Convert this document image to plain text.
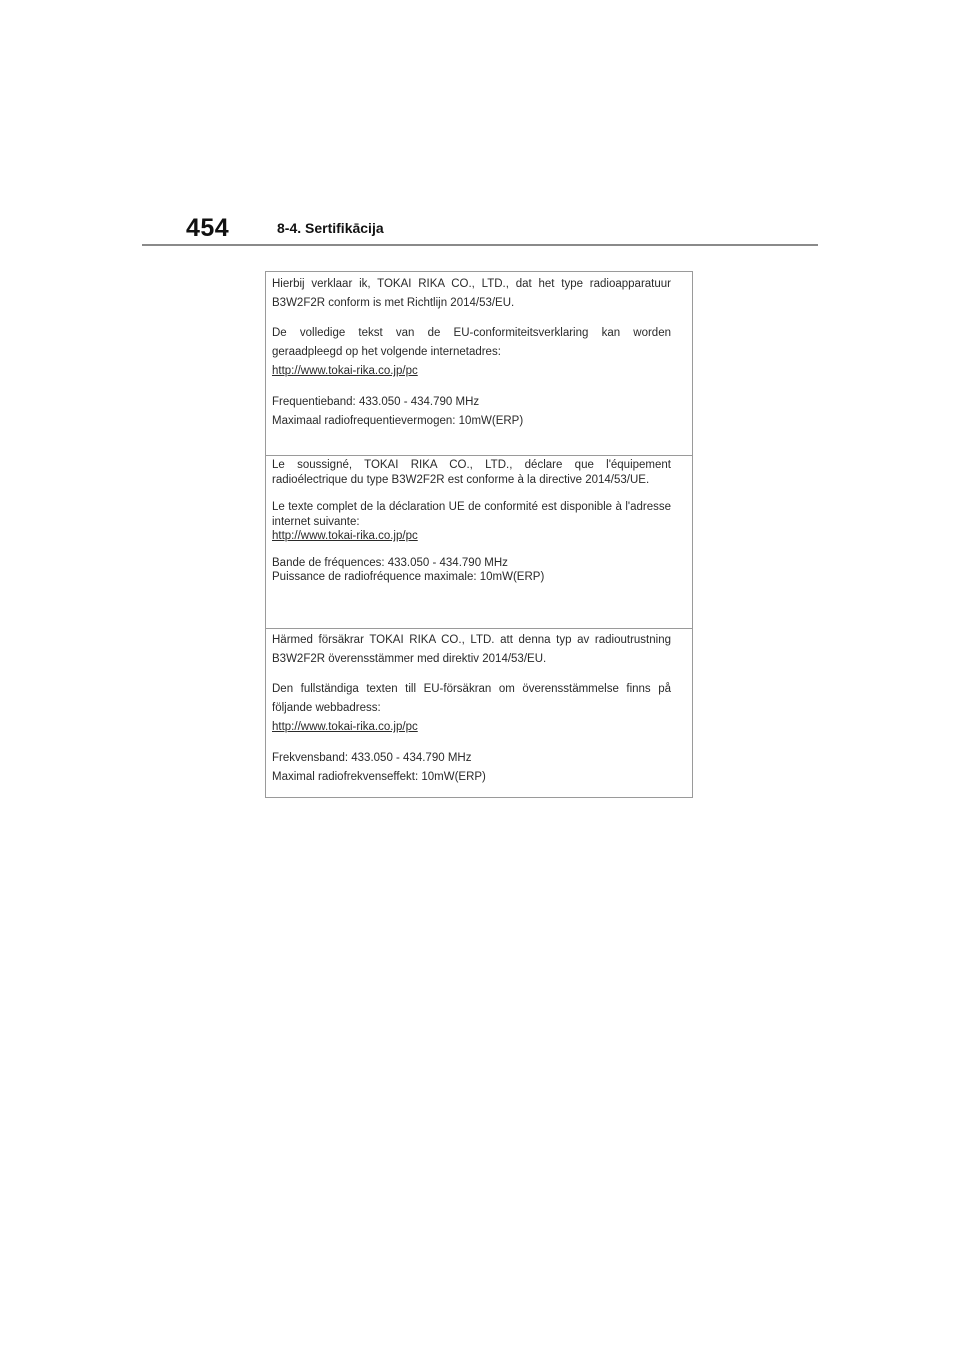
454	8-4. Sertifikācija

Hierbij verklaar ik, TOKAI RIKA CO., LTD., dat het type radioapparatuur B3W2F2R conform is met Richtlijn 2014/53/EU.

De volledige tekst van de EU-conformiteitsverklaring kan worden geraadpleegd op het volgende internetadres:
http://www.tokai-rika.co.jp/pc

Frequentieband: 433.050 - 434.790 MHz
Maximaal radiofrequentievermogen: 10mW(ERP)

Le soussigné, TOKAI RIKA CO., LTD., déclare que l'équipement radioélectrique du type B3W2F2R est conforme à la directive 2014/53/UE.

Le texte complet de la déclaration UE de conformité est disponible à l'adresse internet suivante:
http://www.tokai-rika.co.jp/pc

Bande de fréquences: 433.050 - 434.790 MHz
Puissance de radiofréquence maximale: 10mW(ERP)

Härmed försäkrar TOKAI RIKA CO., LTD. att denna typ av radioutrustning B3W2F2R överensstämmer med direktiv 2014/53/EU.

Den fullständiga texten till EU-försäkran om överensstämmelse finns på följande webbadress:
http://www.tokai-rika.co.jp/pc

Frekvensband: 433.050 - 434.790 MHz
Maximal radiofrekvenseffekt: 10mW(ERP)
